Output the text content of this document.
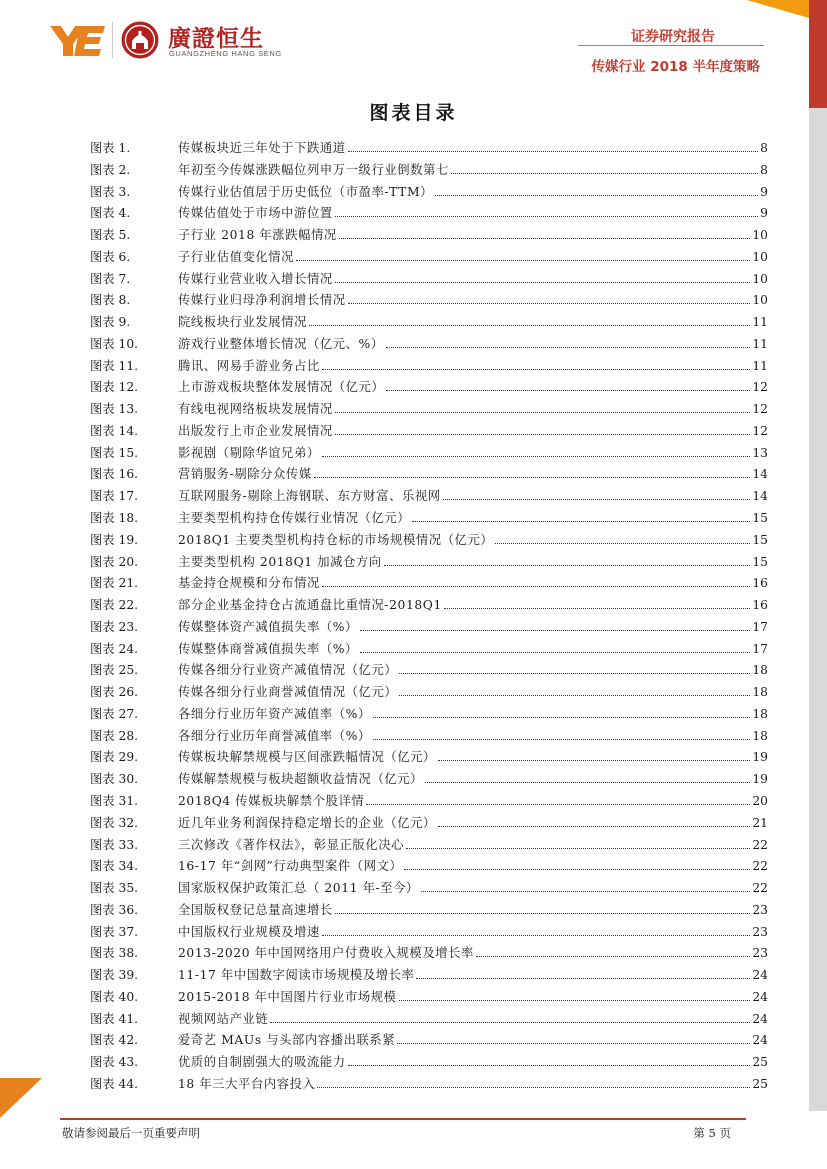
廣證恒生
GUANGZHENG HANG SENG
证券研究报告
传媒行业 2018 半年度策略
图表目录
图表 1.	传媒板块近三年处于下跌通道	8
图表 2.	年初至今传媒涨跌幅位列申万一级行业倒数第七	8
图表 3.	传媒行业估值居于历史低位（市盈率-TTM）	9
图表 4.	传媒估值处于市场中游位置	9
图表 5.	子行业 2018 年涨跌幅情况	10
图表 6.	子行业估值变化情况	10
图表 7.	传媒行业营业收入增长情况	10
图表 8.	传媒行业归母净利润增长情况	10
图表 9.	院线板块行业发展情况	11
图表 10.	游戏行业整体增长情况（亿元、%）	11
图表 11.	腾讯、网易手游业务占比	11
图表 12.	上市游戏板块整体发展情况（亿元）	12
图表 13.	有线电视网络板块发展情况	12
图表 14.	出版发行上市企业发展情况	12
图表 15.	影视剧（剔除华谊兄弟）	13
图表 16.	营销服务-剔除分众传媒	14
图表 17.	互联网服务-剔除上海钢联、东方财富、乐视网	14
图表 18.	主要类型机构持仓传媒行业情况（亿元）	15
图表 19.	2018Q1 主要类型机构持仓标的市场规模情况（亿元）	15
图表 20.	主要类型机构 2018Q1 加减仓方向	15
图表 21.	基金持仓规模和分布情况	16
图表 22.	部分企业基金持仓占流通盘比重情况-2018Q1	16
图表 23.	传媒整体资产减值损失率（%）	17
图表 24.	传媒整体商誉减值损失率（%）	17
图表 25.	传媒各细分行业资产减值情况（亿元）	18
图表 26.	传媒各细分行业商誉减值情况（亿元）	18
图表 27.	各细分行业历年资产减值率（%）	18
图表 28.	各细分行业历年商誉减值率（%）	18
图表 29.	传媒板块解禁规模与区间涨跌幅情况（亿元）	19
图表 30.	传媒解禁规模与板块超额收益情况（亿元）	19
图表 31.	2018Q4 传媒板块解禁个股详情	20
图表 32.	近几年业务利润保持稳定增长的企业（亿元）	21
图表 33.	三次修改《著作权法》，彰显正版化决心	22
图表 34.	16-17 年“剑网”行动典型案件（网文）	22
图表 35.	国家版权保护政策汇总（ 2011 年-至今）	22
图表 36.	全国版权登记总量高速增长	23
图表 37.	中国版权行业规模及增速	23
图表 38.	2013-2020 年中国网络用户付费收入规模及增长率	23
图表 39.	11-17 年中国数字阅读市场规模及增长率	24
图表 40.	2015-2018 年中国图片行业市场规模	24
图表 41.	视频网站产业链	24
图表 42.	爱奇艺 MAUs 与头部内容播出联系紧	24
图表 43.	优质的自制剧强大的吸流能力	25
图表 44.	18 年三大平台内容投入	25
敬请参阅最后一页重要声明	第 5 页
